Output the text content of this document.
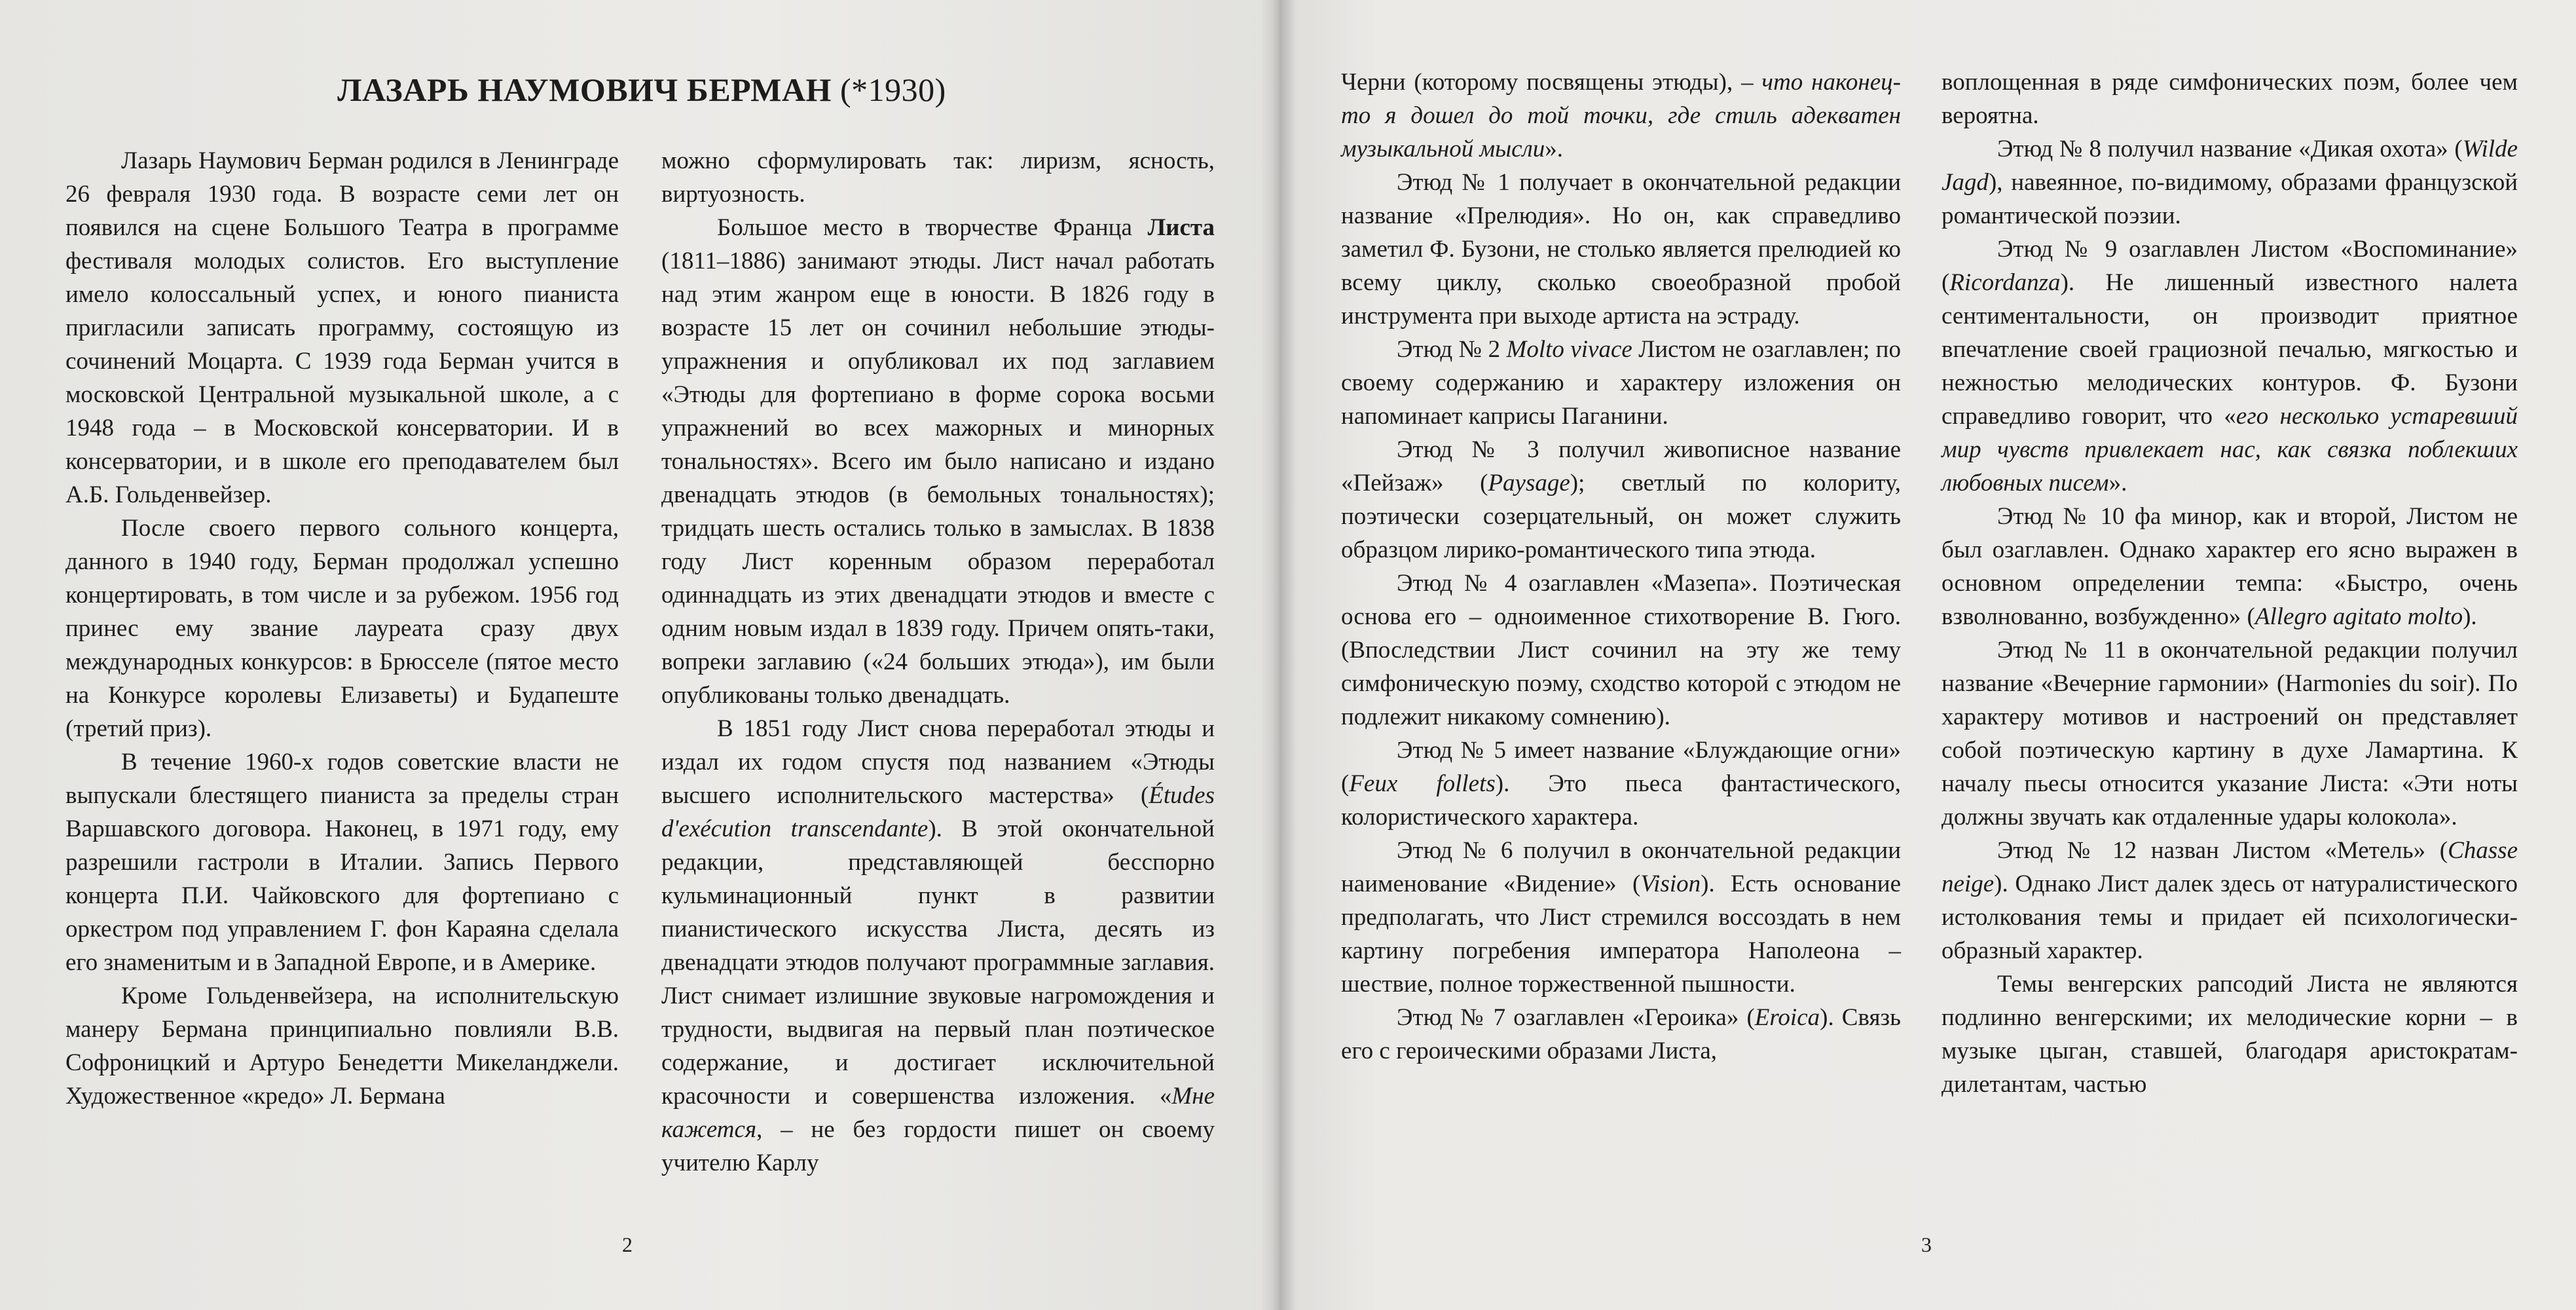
ЛАЗАРЬ НАУМОВИЧ БЕРМАН (*1930)

Лазарь Наумович Берман родился в Ленинграде 26 февраля 1930 года. В возрасте семи лет он появился на сцене Большого Театра в программе фестиваля молодых солистов. Его выступление имело колоссальный успех, и юного пианиста пригласили записать программу, состоящую из сочинений Моцарта. С 1939 года Берман учится в московской Центральной музыкальной школе, а с 1948 года – в Московской консерватории. И в консерватории, и в школе его преподавателем был А.Б. Гольденвейзер.

После своего первого сольного концерта, данного в 1940 году, Берман продолжал успешно концертировать, в том числе и за рубежом. 1956 год принес ему звание лауреата сразу двух международных конкурсов: в Брюсселе (пятое место на Конкурсе королевы Елизаветы) и Будапеште (третий приз).

В течение 1960-х годов советские власти не выпускали блестящего пианиста за пределы стран Варшавского договора. Наконец, в 1971 году, ему разрешили гастроли в Италии. Запись Первого концерта П.И. Чайковского для фортепиано с оркестром под управлением Г. фон Караяна сделала его знаменитым и в Западной Европе, и в Америке.

Кроме Гольденвейзера, на исполнительскую манеру Бермана принципиально повлияли В.В. Софроницкий и Артуро Бенедетти Микеланджели. Художественное «кредо» Л. Бермана

можно сформулировать так: лиризм, ясность, виртуозность.

Большое место в творчестве Франца Листа (1811–1886) занимают этюды. Лист начал работать над этим жанром еще в юности. В 1826 году в возрасте 15 лет он сочинил небольшие этюды-упражнения и опубликовал их под заглавием «Этюды для фортепиано в форме сорока восьми упражнений во всех мажорных и минорных тональностях». Всего им было написано и издано двенадцать этюдов (в бемольных тональностях); тридцать шесть остались только в замыслах. В 1838 году Лист коренным образом переработал одиннадцать из этих двенадцати этюдов и вместе с одним новым издал в 1839 году. Причем опять-таки, вопреки заглавию («24 больших этюда»), им были опубликованы только двенадцать.

В 1851 году Лист снова переработал этюды и издал их годом спустя под названием «Этюды высшего исполнительского мастерства» (Études d'exécution transcendante). В этой окончательной редакции, представляющей бесспорно кульминационный пункт в развитии пианистического искусства Листа, десять из двенадцати этюдов получают программные заглавия. Лист снимает излишние звуковые нагромождения и трудности, выдвигая на первый план поэтическое содержание, и достигает исключительной красочности и совершенства изложения. «Мне кажется, – не без гордости пишет он своему учителю Карлу

Черни (которому посвящены этюды), – что наконец-то я дошел до той точки, где стиль адекватен музыкальной мысли».

Этюд № 1 получает в окончательной редакции название «Прелюдия». Но он, как справедливо заметил Ф. Бузони, не столько является прелюдией ко всему циклу, сколько своеобразной пробой инструмента при выходе артиста на эстраду.

Этюд № 2 Molto vivace Листом не озаглавлен; по своему содержанию и характеру изложения он напоминает каприсы Паганини.

Этюд № 3 получил живописное название «Пейзаж» (Paysage); светлый по колориту, поэтически созерцательный, он может служить образцом лирико-романтического типа этюда.

Этюд № 4 озаглавлен «Мазепа». Поэтическая основа его – одноименное стихотворение В. Гюго. (Впоследствии Лист сочинил на эту же тему симфоническую поэму, сходство которой с этюдом не подлежит никакому сомнению).

Этюд № 5 имеет название «Блуждающие огни» (Feux follets). Это пьеса фантастического, колористического характера.

Этюд № 6 получил в окончательной редакции наименование «Видение» (Vision). Есть основание предполагать, что Лист стремился воссоздать в нем картину погребения императора Наполеона – шествие, полное торжественной пышности.

Этюд № 7 озаглавлен «Героика» (Eroica). Связь его с героическими образами Листа,

воплощенная в ряде симфонических поэм, более чем вероятна.

Этюд № 8 получил название «Дикая охота» (Wilde Jagd), навеянное, по-видимому, образами французской романтической поэзии.

Этюд № 9 озаглавлен Листом «Воспоминание» (Ricordanza). Не лишенный известного налета сентиментальности, он производит приятное впечатление своей грациозной печалью, мягкостью и нежностью мелодических контуров. Ф. Бузони справедливо говорит, что «его несколько устаревший мир чувств привлекает нас, как связка поблекших любовных писем».

Этюд № 10 фа минор, как и второй, Листом не был озаглавлен. Однако характер его ясно выражен в основном определении темпа: «Быстро, очень взволнованно, возбужденно» (Allegro agitato molto).

Этюд № 11 в окончательной редакции получил название «Вечерние гармонии» (Harmonies du soir). По характеру мотивов и настроений он представляет собой поэтическую картину в духе Ламартина. К началу пьесы относится указание Листа: «Эти ноты должны звучать как отдаленные удары колокола».

Этюд № 12 назван Листом «Метель» (Chasse neige). Однако Лист далек здесь от натуралистического истолкования темы и придает ей психологически-образный характер.

Темы венгерских рапсодий Листа не являются подлинно венгерскими; их мелодические корни – в музыке цыган, ставшей, благодаря аристократам-дилетантам, частью

2	3
